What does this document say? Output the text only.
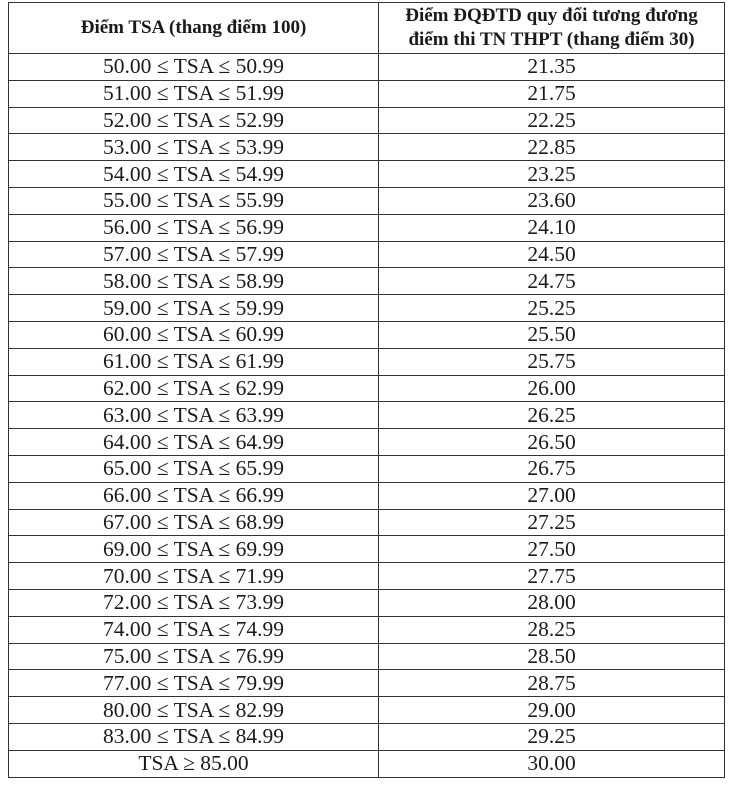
Điểm TSA (thang điểm 100)	Điểm ĐQĐTD quy đổi tương đương
điểm thi TN THPT (thang điểm 30)

50.00 ≤ TSA ≤ 50.99	21.35
51.00 ≤ TSA ≤ 51.99	21.75
52.00 ≤ TSA ≤ 52.99	22.25
53.00 ≤ TSA ≤ 53.99	22.85
54.00 ≤ TSA ≤ 54.99	23.25
55.00 ≤ TSA ≤ 55.99	23.60
56.00 ≤ TSA ≤ 56.99	24.10
57.00 ≤ TSA ≤ 57.99	24.50
58.00 ≤ TSA ≤ 58.99	24.75
59.00 ≤ TSA ≤ 59.99	25.25
60.00 ≤ TSA ≤ 60.99	25.50
61.00 ≤ TSA ≤ 61.99	25.75
62.00 ≤ TSA ≤ 62.99	26.00
63.00 ≤ TSA ≤ 63.99	26.25
64.00 ≤ TSA ≤ 64.99	26.50
65.00 ≤ TSA ≤ 65.99	26.75
66.00 ≤ TSA ≤ 66.99	27.00
67.00 ≤ TSA ≤ 68.99	27.25
69.00 ≤ TSA ≤ 69.99	27.50
70.00 ≤ TSA ≤ 71.99	27.75
72.00 ≤ TSA ≤ 73.99	28.00
74.00 ≤ TSA ≤ 74.99	28.25
75.00 ≤ TSA ≤ 76.99	28.50
77.00 ≤ TSA ≤ 79.99	28.75
80.00 ≤ TSA ≤ 82.99	29.00
83.00 ≤ TSA ≤ 84.99	29.25
TSA ≥ 85.00	30.00
